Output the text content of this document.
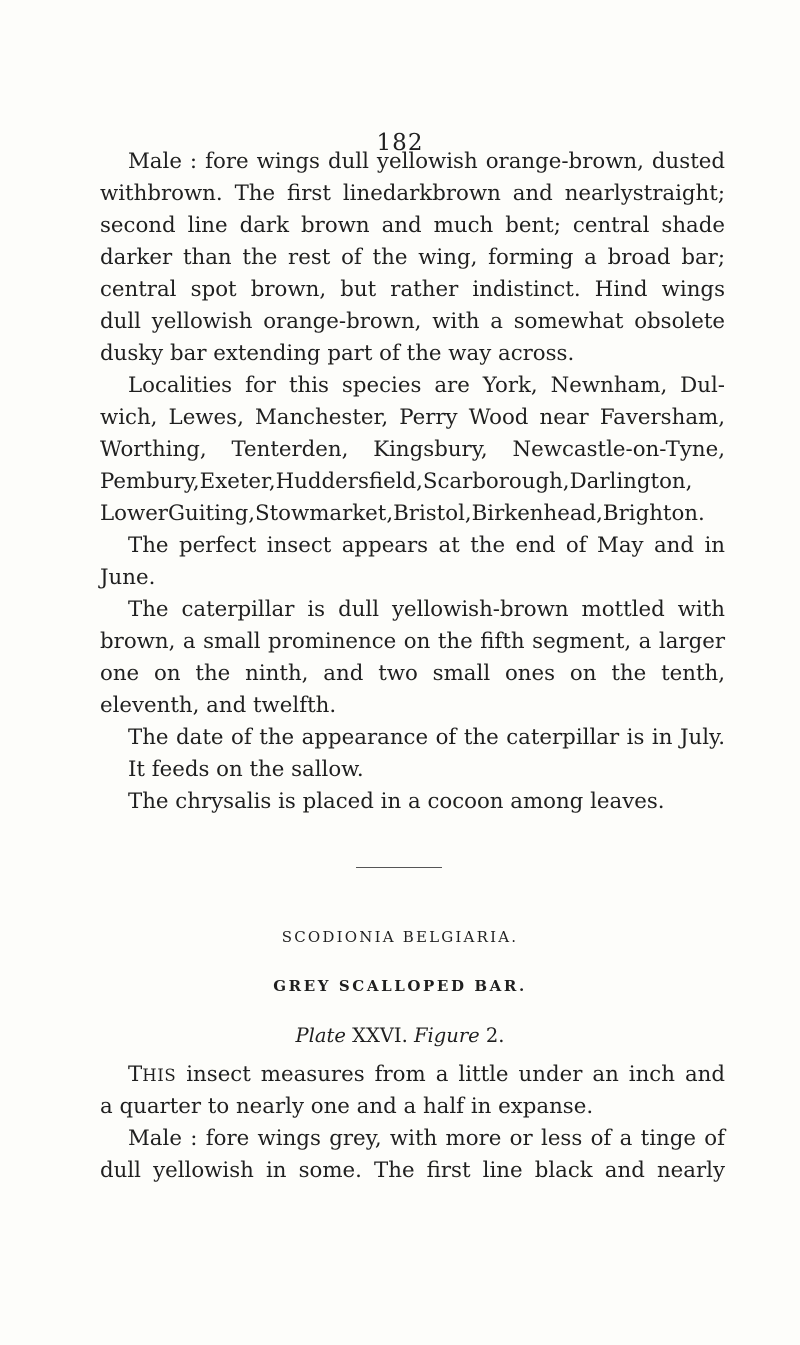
182
Male : fore wings dull yellowish orange-brown, dusted
withbrown. The first linedarkbrown and nearlystraight;
second line dark brown and much bent; central shade
darker than the rest of the wing, forming a broad bar;
central spot brown, but rather indistinct. Hind wings
dull yellowish orange-brown, with a somewhat obsolete
dusky bar extending part of the way across.
Localities for this species are York, Newnham, Dul-
wich, Lewes, Manchester, Perry Wood near Faversham,
Worthing, Tenterden, Kingsbury, Newcastle-on-Tyne,
Pembury,Exeter,Huddersfield,Scarborough,Darlington,
LowerGuiting,Stowmarket,Bristol,Birkenhead,Brighton.
The perfect insect appears at the end of May and in
June.
The caterpillar is dull yellowish-brown mottled with
brown, a small prominence on the fifth segment, a larger
one on the ninth, and two small ones on the tenth,
eleventh, and twelfth.
The date of the appearance of the caterpillar is in July.
It feeds on the sallow.
The chrysalis is placed in a cocoon among leaves.
SCODIONIA BELGIARIA.
GREY SCALLOPED BAR.
Plate XXVI. Figure 2.
THIS insect measures from a little under an inch and
a quarter to nearly one and a half in expanse.
Male : fore wings grey, with more or less of a tinge of
dull yellowish in some. The first line black and nearly
